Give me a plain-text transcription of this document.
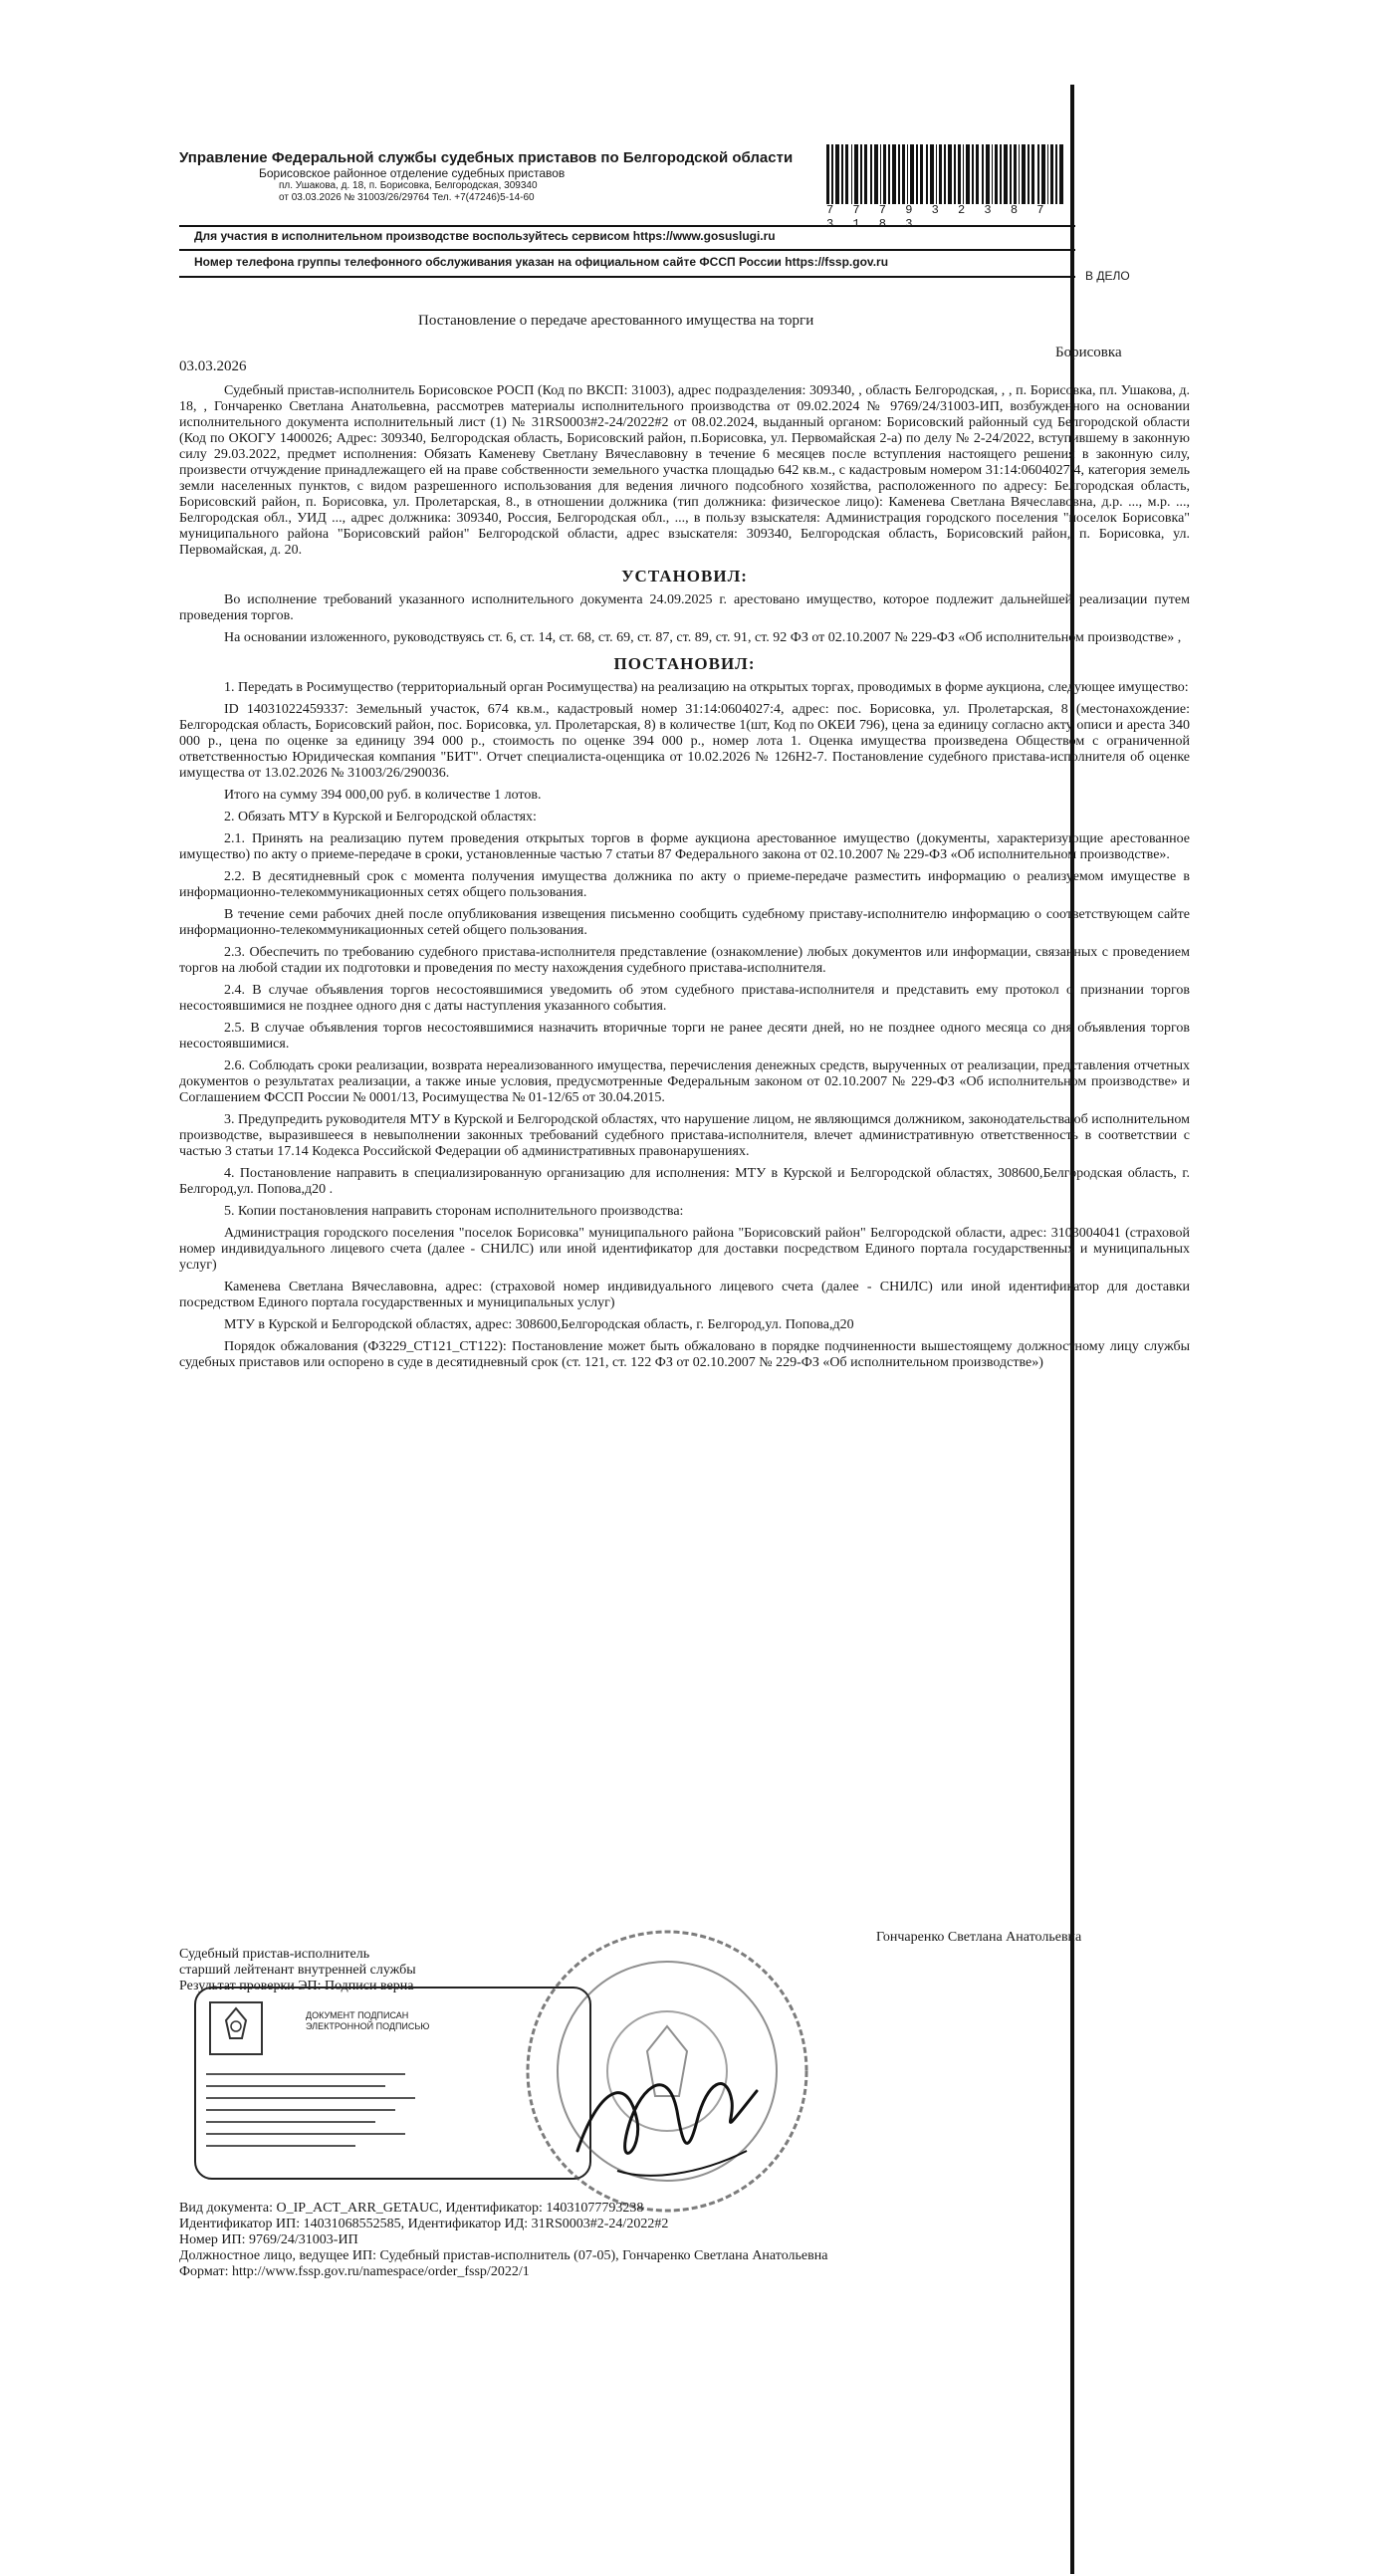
Управление Федеральной службы судебных приставов по Белгородской области
Борисовское районное отделение судебных приставов
пл. Ушакова, д. 18, п. Борисовка, Белгородская, 309340
от 03.03.2026 № 31003/26/29764 Тел. +7(47246)5-14-60
Для участия в исполнительном производстве воспользуйтесь сервисом https://www.gosuslugi.ru
Номер телефона группы телефонного обслуживания указан на официальном сайте ФССП России https://fssp.gov.ru
7 7 7 9 3 2 3 8 7 3 1 8 3
В ДЕЛО
Постановление о передаче арестованного имущества на торги
Борисовка
03.03.2026

Судебный пристав-исполнитель Борисовское РОСП (Код по ВКСП: 31003), адрес подразделения: 309340, , область Белгородская, , , п. Борисовка, пл. Ушакова, д. 18, , Гончаренко Светлана Анатольевна, рассмотрев материалы исполнительного производства от 09.02.2024 № 9769/24/31003-ИП, возбужденного на основании исполнительного документа исполнительный лист (1) № 31RS0003#2-24/2022#2 от 08.02.2024, выданный органом: Борисовский районный суд Белгородской области (Код по ОКОГУ 1400026; Адрес: 309340, Белгородская область, Борисовский район, п.Борисовка, ул. Первомайская 2-а) по делу № 2-24/2022, вступившему в законную силу 29.03.2022, предмет исполнения: Обязать Каменеву Светлану Вячеславовну в течение 6 месяцев после вступления настоящего решения в законную силу, произвести отчуждение принадлежащего ей на праве собственности земельного участка площадью 642 кв.м., с кадастровым номером 31:14:0604027:4, категория земель земли населенных пунктов, с видом разрешенного использования для ведения личного подсобного хозяйства, расположенного по адресу: Белгородская область, Борисовский район, п. Борисовка, ул. Пролетарская, 8., в отношении должника (тип должника: физическое лицо): Каменева Светлана Вячеславовна, д.р. ..., м.р. ..., Белгородская обл., УИД ..., адрес должника: 309340, Россия, Белгородская обл., ..., в пользу взыскателя: Администрация городского поселения "поселок Борисовка" муниципального района "Борисовский район" Белгородской области, адрес взыскателя: 309340, Белгородская область, Борисовский район, п. Борисовка, ул. Первомайская, д. 20.

УСТАНОВИЛ:

Во исполнение требований указанного исполнительного документа 24.09.2025 г. арестовано имущество, которое подлежит дальнейшей реализации путем проведения торгов.

На основании изложенного, руководствуясь ст. 6, ст. 14, ст. 68, ст. 69, ст. 87, ст. 89, ст. 91, ст. 92 ФЗ от 02.10.2007 № 229-ФЗ «Об исполнительном производстве» ,

ПОСТАНОВИЛ:

1. Передать в Росимущество (территориальный орган Росимущества) на реализацию на открытых торгах, проводимых в форме аукциона, следующее имущество:

ID 14031022459337: Земельный участок, 674 кв.м., кадастровый номер 31:14:0604027:4, адрес: пос. Борисовка, ул. Пролетарская, 8 (местонахождение: Белгородская область, Борисовский район, пос. Борисовка, ул. Пролетарская, 8) в количестве 1(шт, Код по ОКЕИ 796), цена за единицу согласно акту описи и ареста 340 000 р., цена по оценке за единицу 394 000 р., стоимость по оценке 394 000 р., номер лота 1. Оценка имущества произведена Обществом с ограниченной ответственностью Юридическая компания "БИТ". Отчет специалиста-оценщика от 10.02.2026 № 126Н2-7. Постановление судебного пристава-исполнителя об оценке имущества от 13.02.2026 № 31003/26/290036.

Итого на сумму 394 000,00 руб. в количестве 1 лотов.

2. Обязать МТУ в Курской и Белгородской областях:

2.1. Принять на реализацию путем проведения открытых торгов в форме аукциона арестованное имущество (документы, характеризующие арестованное имущество) по акту о приеме-передаче в сроки, установленные частью 7 статьи 87 Федерального закона от 02.10.2007 № 229-ФЗ «Об исполнительном производстве».

2.2. В десятидневный срок с момента получения имущества должника по акту о приеме-передаче разместить информацию о реализуемом имуществе в информационно-телекоммуникационных сетях общего пользования.

В течение семи рабочих дней после опубликования извещения письменно сообщить судебному приставу-исполнителю информацию о соответствующем сайте информационно-телекоммуникационных сетей общего пользования.

2.3. Обеспечить по требованию судебного пристава-исполнителя представление (ознакомление) любых документов или информации, связанных с проведением торгов на любой стадии их подготовки и проведения по месту нахождения судебного пристава-исполнителя.

2.4. В случае объявления торгов несостоявшимися уведомить об этом судебного пристава-исполнителя и представить ему протокол о признании торгов несостоявшимися не позднее одного дня с даты наступления указанного события.

2.5. В случае объявления торгов несостоявшимися назначить вторичные торги не ранее десяти дней, но не позднее одного месяца со дня объявления торгов несостоявшимися.

2.6. Соблюдать сроки реализации, возврата нереализованного имущества, перечисления денежных средств, вырученных от реализации, представления отчетных документов о результатах реализации, а также иные условия, предусмотренные Федеральным законом от 02.10.2007 № 229-ФЗ «Об исполнительном производстве» и Соглашением ФССП России № 0001/13, Росимущества № 01-12/65 от 30.04.2015.

3. Предупредить руководителя МТУ в Курской и Белгородской областях, что нарушение лицом, не являющимся должником, законодательства об исполнительном производстве, выразившееся в невыполнении законных требований судебного пристава-исполнителя, влечет административную ответственность в соответствии с частью 3 статьи 17.14 Кодекса Российской Федерации об административных правонарушениях.

4. Постановление направить в специализированную организацию для исполнения: МТУ в Курской и Белгородской областях, 308600,Белгородская область, г. Белгород,ул. Попова,д20 .

5. Копии постановления направить сторонам исполнительного производства:

Администрация городского поселения "поселок Борисовка" муниципального района "Борисовский район" Белгородской области, адрес: 3103004041 (страховой номер индивидуального лицевого счета (далее - СНИЛС) или иной идентификатор для доставки посредством Единого портала государственных и муниципальных услуг)

Каменева Светлана Вячеславовна, адрес: (страховой номер индивидуального лицевого счета (далее - СНИЛС) или иной идентификатор для доставки посредством Единого портала государственных и муниципальных услуг)

МТУ в Курской и Белгородской областях, адрес: 308600,Белгородская область, г. Белгород,ул. Попова,д20

Порядок обжалования (ФЗ229_СТ121_СТ122): Постановление может быть обжаловано в порядке подчиненности вышестоящему должностному лицу службы судебных приставов или оспорено в суде в десятидневный срок (ст. 121, ст. 122 ФЗ от 02.10.2007 № 229-ФЗ «Об исполнительном производстве»)

Гончаренко Светлана Анатольевна
Судебный пристав-исполнитель
старший лейтенант внутренней службы
Результат проверки ЭП: Подписи верна
ДОКУМЕНТ ПОДПИСАН
ЭЛЕКТРОННОЙ ПОДПИСЬЮ
Вид документа: O_IP_ACT_ARR_GETAUC, Идентификатор: 14031077793238
Идентификатор ИП: 14031068552585, Идентификатор ИД: 31RS0003#2-24/2022#2
Номер ИП: 9769/24/31003-ИП
Должностное лицо, ведущее ИП: Судебный пристав-исполнитель (07-05), Гончаренко Светлана Анатольевна
Формат: http://www.fssp.gov.ru/namespace/order_fssp/2022/1
